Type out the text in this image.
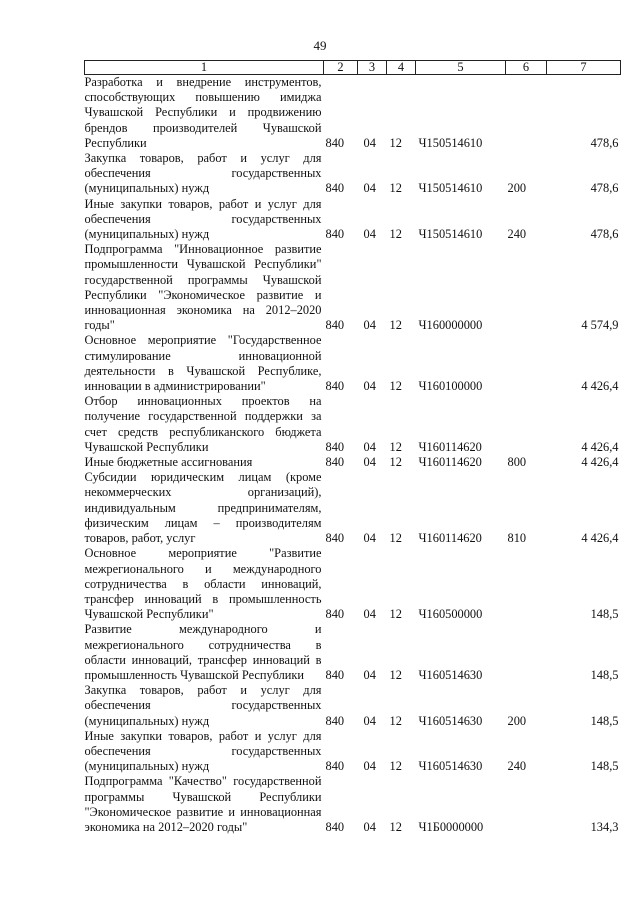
49
1	2	3	4	5	6	7
Разработка и внедрение инструментов, способствующих повышению имиджа Чувашской Республики и продвижению брендов производителей Чувашской Республики	840	04	12	Ч150514610		478,6
Закупка товаров, работ и услуг для обеспечения государственных (муниципальных) нужд	840	04	12	Ч150514610	200	478,6
Иные закупки товаров, работ и услуг для обеспечения государственных (муниципальных) нужд	840	04	12	Ч150514610	240	478,6
Подпрограмма "Инновационное развитие промышленности Чувашской Республики" государственной программы Чувашской Республики "Экономическое развитие и инновационная экономика на 2012–2020 годы"	840	04	12	Ч160000000		4 574,9
Основное мероприятие "Государственное стимулирование инновационной деятельности в Чувашской Республике, инновации в администрировании"	840	04	12	Ч160100000		4 426,4
Отбор инновационных проектов на получение государственной поддержки за счет средств республиканского бюджета Чувашской Республики	840	04	12	Ч160114620		4 426,4
Иные бюджетные ассигнования	840	04	12	Ч160114620	800	4 426,4
Субсидии юридическим лицам (кроме некоммерческих организаций), индивидуальным предпринимателям, физическим лицам – производителям товаров, работ, услуг	840	04	12	Ч160114620	810	4 426,4
Основное мероприятие "Развитие межрегионального и международного сотрудничества в области инноваций, трансфер инноваций в промышленность Чувашской Республики"	840	04	12	Ч160500000		148,5
Развитие международного и межрегионального сотрудничества в области инноваций, трансфер инноваций в промышленность Чувашской Республики	840	04	12	Ч160514630		148,5
Закупка товаров, работ и услуг для обеспечения государственных (муниципальных) нужд	840	04	12	Ч160514630	200	148,5
Иные закупки товаров, работ и услуг для обеспечения государственных (муниципальных) нужд	840	04	12	Ч160514630	240	148,5
Подпрограмма "Качество" государственной программы Чувашской Республики "Экономическое развитие и инновационная экономика на 2012–2020 годы"	840	04	12	Ч1Б0000000		134,3
